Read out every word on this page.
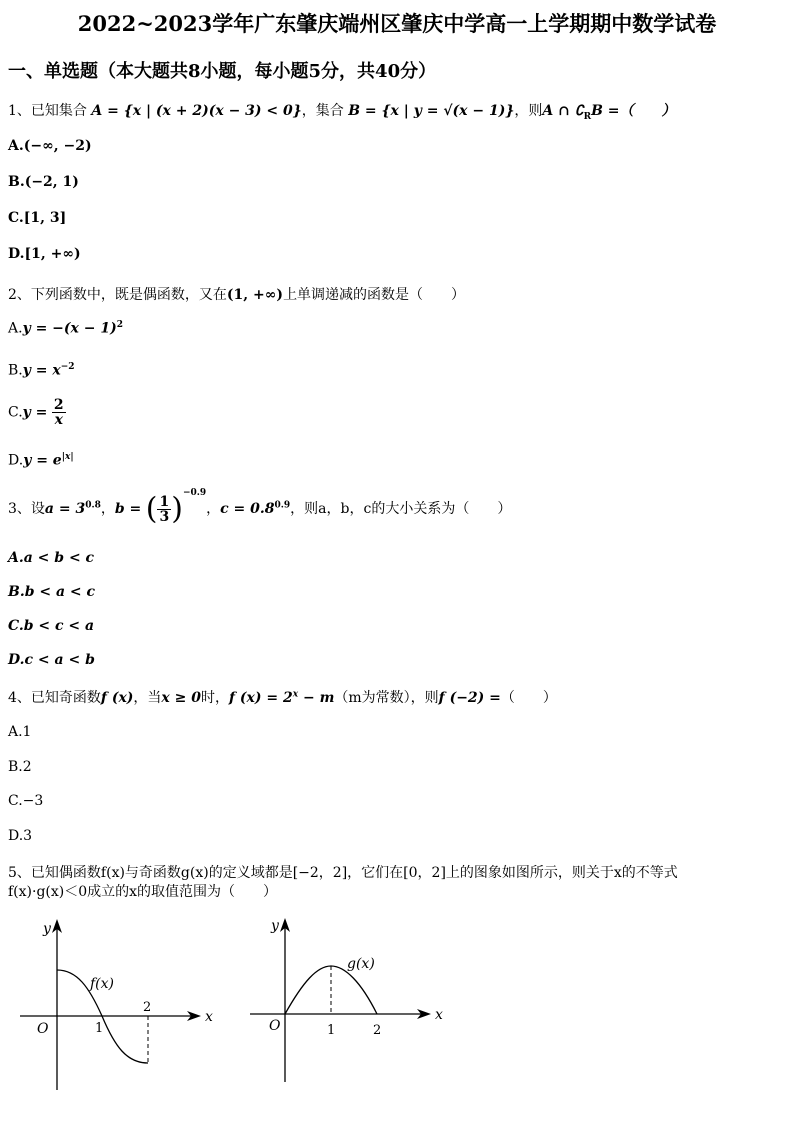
2022~2023学年广东肇庆端州区肇庆中学高一上学期期中数学试卷
一、单选题（本大题共8小题，每小题5分，共40分）
1、已知集合 A = {x | (x + 2)(x − 3) < 0}，集合 B = {x | y = √(x − 1)}，则A ∩ $∁_RB$ =（　　）
A.(−∞, −2)
B.(−2, 1)
C.[1, 3]
D.[1, +∞)
2、下列函数中，既是偶函数，又在(1, +∞)上单调递减的函数是（　　）
$A.y = -(x - 1)^2$
$B.y = x^{-2}$
$C.y = \frac{2}{x}$
$D.y = e^{|x|}$
3、设$a = 3^{0.8}$，b = ( $\frac{1}{3} )^{-0.9}$，$c = 0.8^{0.9}$，则a，b，c的大小关系为（　　）
A.a < b < c
B.b < a < c
C.b < c < a
D.c < a < b
4、已知奇函数f (x)，当x ≥ 0时，f $(x) = 2^x - m(m$为常数），则f (−2) =（　　）
A.1
B.2
C.−3
D.3
5、已知偶函数f(x)与奇函数g(x)的定义域都是[−2，2]，它们在[0，2]上的图象如图所示，则关于x的不等式
f(x)·g(x)＜0成立的x的取值范围为（　　）
y
x
O
f(x)
1
2
y
x
O
g(x)
1	2
